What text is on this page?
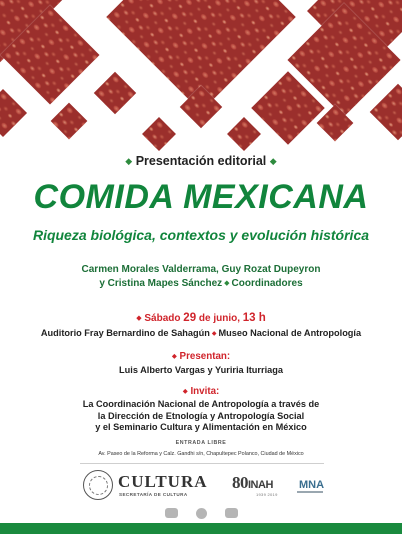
◆ Presentación editorial ◆
COMIDA MEXICANA
Riqueza biológica, contextos y evolución histórica
Carmen Morales Valderrama, Guy Rozat Dupeyron
y Cristina Mapes Sánchez ◆ Coordinadores
◆ Sábado 29 de junio, 13 h
Auditorio Fray Bernardino de Sahagún ◆ Museo Nacional de Antropología
◆ Presentan:
Luis Alberto Vargas y Yuriria Iturriaga
◆ Invita:
La Coordinación Nacional de Antropología a través de
la Dirección de Etnología y Antropología Social
y el Seminario Cultura y Alimentación en México
ENTRADA LIBRE
Av. Paseo de la Reforma y Calz. Gandhi s/n, Chapultepec Polanco, Ciudad de México
CULTURA
SECRETARÍA DE CULTURA
80INAH
1939 2019
MNA
